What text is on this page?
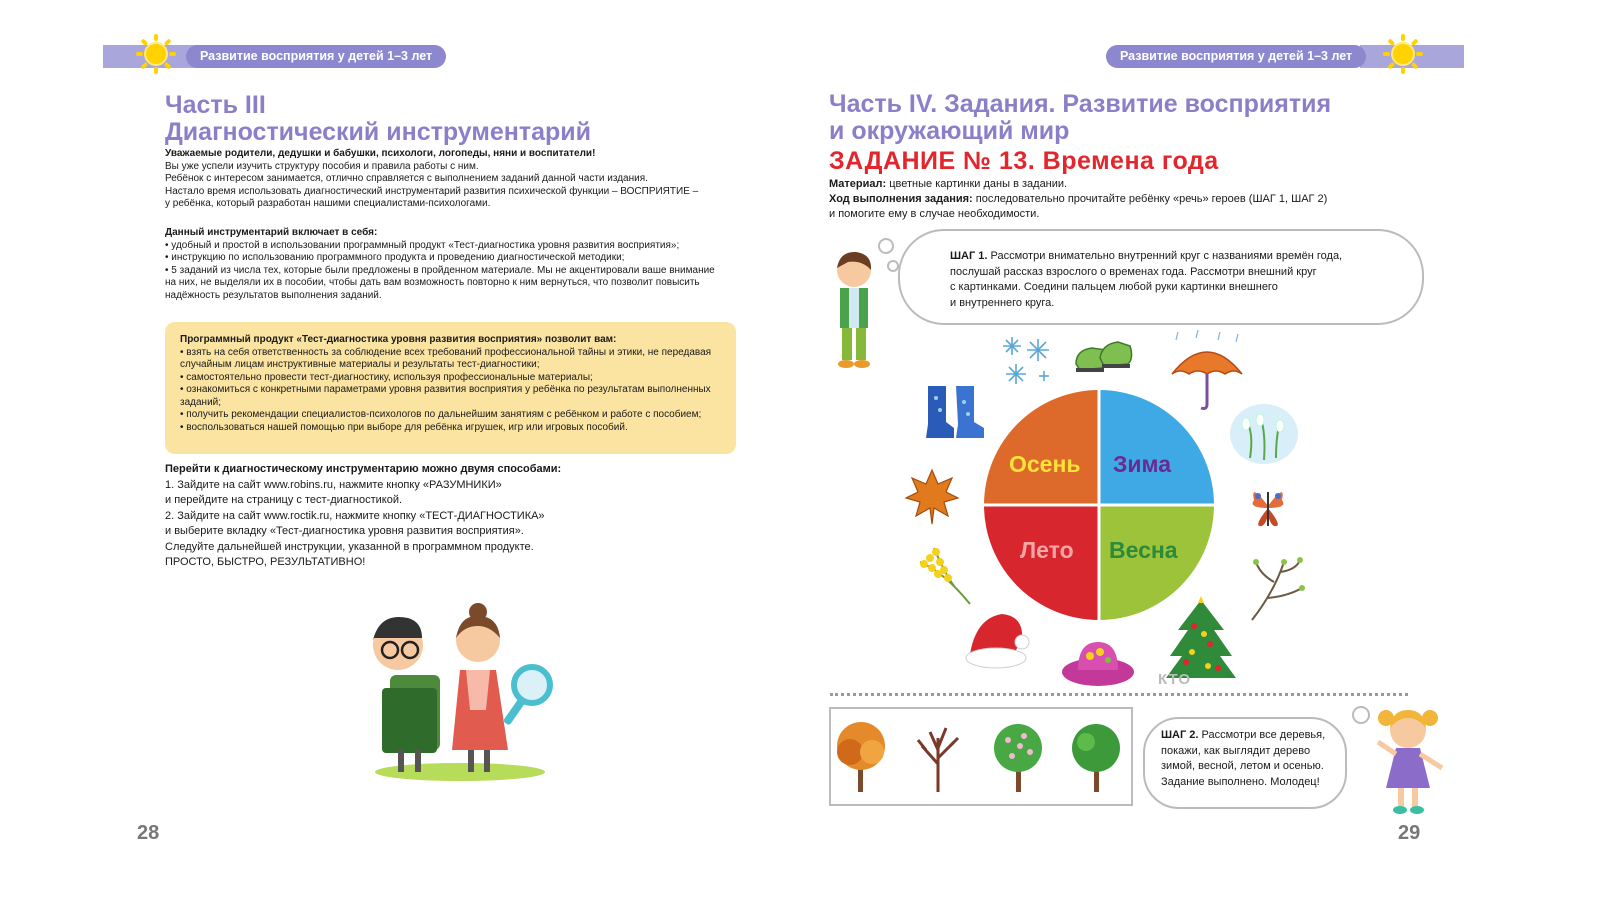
Развитие восприятия у детей 1–3 лет
Часть III
Диагностический инструментарий
Уважаемые родители, дедушки и бабушки, психологи, логопеды, няни и воспитатели!
Вы уже успели изучить структуру пособия и правила работы с ним.
Ребёнок с интересом занимается, отлично справляется с выполнением заданий данной части издания.
Настало время использовать диагностический инструментарий развития психической функции – ВОСПРИЯТИЕ –
у ребёнка, который разработан нашими специалистами-психологами.
Данный инструментарий включает в себя:
• удобный и простой в использовании программный продукт «Тест-диагностика уровня развития восприятия»;
• инструкцию по использованию программного продукта и проведению диагностической методики;
• 5 заданий из числа тех, которые были предложены в пройденном материале. Мы не акцентировали ваше внимание
на них, не выделяли их в пособии, чтобы дать вам возможность повторно к ним вернуться, что позволит повысить
надёжность результатов выполнения заданий.
Программный продукт «Тест-диагностика уровня развития восприятия» позволит вам:
• взять на себя ответственность за соблюдение всех требований профессиональной тайны и этики, не передавая
случайным лицам инструктивные материалы и результаты тест-диагностики;
• самостоятельно провести тест-диагностику, используя профессиональные материалы;
• ознакомиться с конкретными параметрами уровня развития восприятия у ребёнка по результатам выполненных
заданий;
• получить рекомендации специалистов-психологов по дальнейшим занятиям с ребёнком и работе с пособием;
• воспользоваться нашей помощью при выборе для ребёнка игрушек, игр или игровых пособий.
Перейти к диагностическому инструментарию можно двумя способами:
1. Зайдите на сайт www.robins.ru, нажмите кнопку «РАЗУМНИКИ»
и перейдите на страницу с тест-диагностикой.
2. Зайдите на сайт www.roctik.ru, нажмите кнопку «ТЕСТ-ДИАГНОСТИКА»
и выберите вкладку «Тест-диагностика уровня развития восприятия».
Следуйте дальнейшей инструкции, указанной в программном продукте.
ПРОСТО, БЫСТРО, РЕЗУЛЬТАТИВНО!
28
Развитие восприятия у детей 1–3 лет
Часть IV. Задания. Развитие восприятия
и окружающий мир
ЗАДАНИЕ № 13. Времена года
Материал: цветные картинки даны в задании.
Ход выполнения задания: последовательно прочитайте ребёнку «речь» героев (ШАГ 1, ШАГ 2)
и помогите ему в случае необходимости.
ШАГ 1. Рассмотри внимательно внутренний круг с названиями времён года,
послушай рассказ взрослого о временах года. Рассмотри внешний круг
с картинками. Соедини пальцем любой руки картинки внешнего
и внутреннего круга.
Осень Зима
Лето Весна
КТО
ШАГ 2. Рассмотри все деревья,
покажи, как выглядит дерево
зимой, весной, летом и осенью.
Задание выполнено. Молодец!
29
